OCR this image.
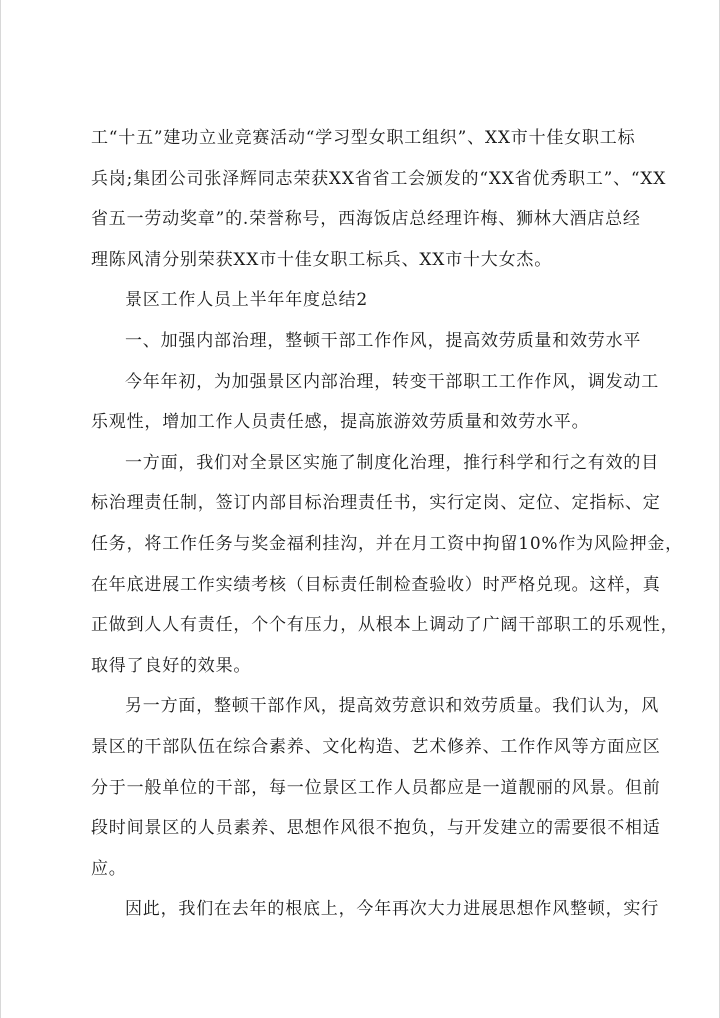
工“十五”建功立业竞赛活动“学习型女职工组织”、XX市十佳女职工标
兵岗;集团公司张泽辉同志荣获XX省省工会颁发的“XX省优秀职工”、“XX
省五一劳动奖章”的.荣誉称号，西海饭店总经理许梅、狮林大酒店总经
理陈风清分别荣获XX市十佳女职工标兵、XX市十大女杰。
景区工作人员上半年年度总结2
一、加强内部治理，整顿干部工作作风，提高效劳质量和效劳水平
今年年初，为加强景区内部治理，转变干部职工工作作风，调发动工
乐观性，增加工作人员责任感，提高旅游效劳质量和效劳水平。
一方面，我们对全景区实施了制度化治理，推行科学和行之有效的目
标治理责任制，签订内部目标治理责任书，实行定岗、定位、定指标、定
任务，将工作任务与奖金福利挂沟，并在月工资中拘留10%作为风险押金，
在年底进展工作实绩考核（目标责任制检查验收）时严格兑现。这样，真
正做到人人有责任，个个有压力，从根本上调动了广阔干部职工的乐观性，
取得了良好的效果。
另一方面，整顿干部作风，提高效劳意识和效劳质量。我们认为，风
景区的干部队伍在综合素养、文化构造、艺术修养、工作作风等方面应区
分于一般单位的干部，每一位景区工作人员都应是一道靓丽的风景。但前
段时间景区的人员素养、思想作风很不抱负，与开发建立的需要很不相适
应。
因此，我们在去年的根底上，今年再次大力进展思想作风整顿，实行
